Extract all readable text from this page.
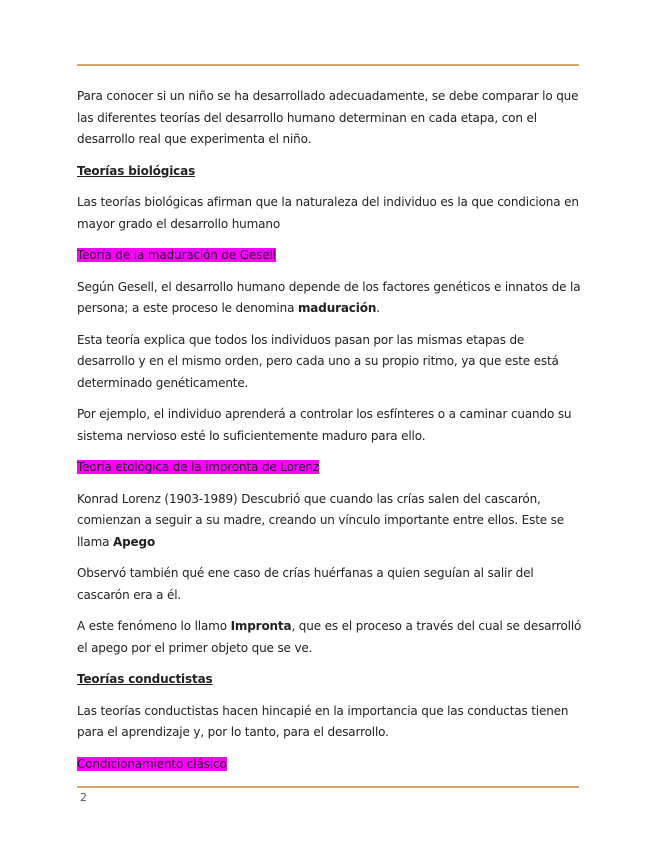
Para conocer si un niño se ha desarrollado adecuadamente, se debe comparar lo que las diferentes teorías del desarrollo humano determinan en cada etapa, con el desarrollo real que experimenta el niño.

Teorías biológicas

Las teorías biológicas afirman que la naturaleza del individuo es la que condiciona en mayor grado el desarrollo humano

Teoría de la maduración de Gesell

Según Gesell, el desarrollo humano depende de los factores genéticos e innatos de la persona; a este proceso le denomina maduración.

Esta teoría explica que todos los individuos pasan por las mismas etapas de desarrollo y en el mismo orden, pero cada uno a su propio ritmo, ya que este está determinado genéticamente.

Por ejemplo, el individuo aprenderá a controlar los esfínteres o a caminar cuando su sistema nervioso esté lo suficientemente maduro para ello.

Teoría etológica de la impronta de Lorenz

Konrad Lorenz (1903-1989) Descubrió que cuando las crías salen del cascarón, comienzan a seguir a su madre, creando un vínculo importante entre ellos. Este se llama Apego

Observó también qué ene caso de crías huérfanas a quien seguían al salir del cascarón era a él.

A este fenómeno lo llamo Impronta, que es el proceso a través del cual se desarrolló el apego por el primer objeto que se ve.

Teorías conductistas

Las teorías conductistas hacen hincapié en la importancia que las conductas tienen para el aprendizaje y, por lo tanto, para el desarrollo.

Condicionamiento clásico
2
